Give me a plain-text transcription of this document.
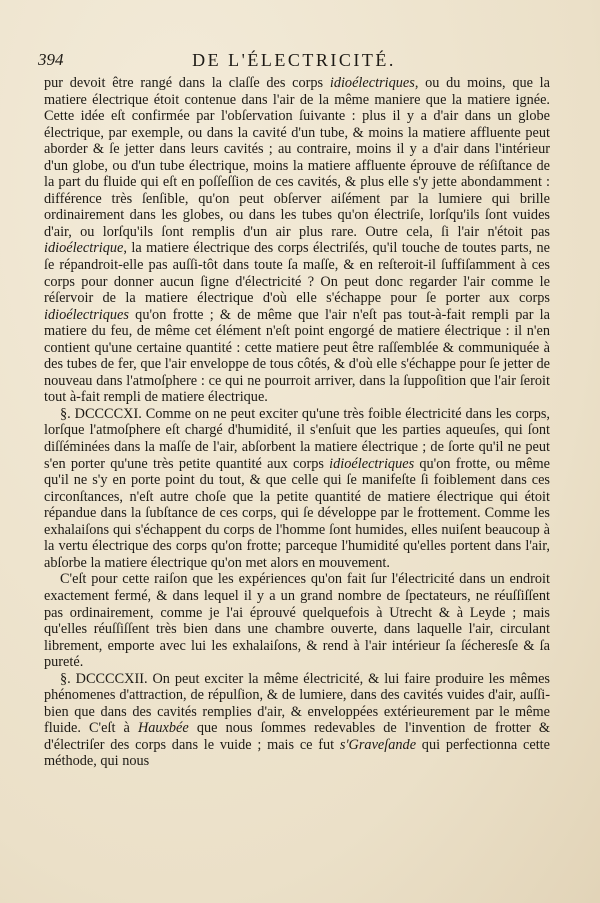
394	DE L'ÉLECTRICITÉ.

pur devoit être rangé dans la claſſe des corps idioélectriques, ou du moins, que la matiere électrique étoit contenue dans l'air de la même maniere que la matiere ignée. Cette idée eſt confirmée par l'obſervation ſuivante : plus il y a d'air dans un globe électrique, par exemple, ou dans la cavité d'un tube, & moins la matiere affluente peut aborder & ſe jetter dans leurs cavités ; au contraire, moins il y a d'air dans l'intérieur d'un globe, ou d'un tube électrique, moins la matiere affluente éprouve de réſiſtance de la part du fluide qui eſt en poſſeſſion de ces cavités, & plus elle s'y jette abondamment : différence très ſenſible, qu'on peut obſerver aiſément par la lumiere qui brille ordinairement dans les globes, ou dans les tubes qu'on électriſe, lorſqu'ils ſont vuides d'air, ou lorſqu'ils ſont remplis d'un air plus rare. Outre cela, ſi l'air n'étoit pas idioélectrique, la matiere électrique des corps électriſés, qu'il touche de toutes parts, ne ſe répandroit-elle pas auſſi-tôt dans toute ſa maſſe, & en reſteroit-il ſuffiſamment à ces corps pour donner aucun ſigne d'électricité ? On peut donc regarder l'air comme le réſervoir de la matiere électrique d'où elle s'échappe pour ſe porter aux corps idioélectriques qu'on frotte ; & de même que l'air n'eſt pas tout-à-fait rempli par la matiere du feu, de même cet élément n'eſt point engorgé de matiere électrique : il n'en contient qu'une certaine quantité : cette matiere peut être raſſemblée & communiquée à des tubes de fer, que l'air enveloppe de tous côtés, & d'où elle s'échappe pour ſe jetter de nouveau dans l'atmoſphere : ce qui ne pourroit arriver, dans la ſuppoſition que l'air ſeroit tout à-fait rempli de matiere électrique.

§. DCCCCXI. Comme on ne peut exciter qu'une très foible électricité dans les corps, lorſque l'atmoſphere eſt chargé d'humidité, il s'enſuit que les parties aqueuſes, qui ſont diſſéminées dans la maſſe de l'air, abſorbent la matiere électrique ; de ſorte qu'il ne peut s'en porter qu'une très petite quantité aux corps idioélectriques qu'on frotte, ou même qu'il ne s'y en porte point du tout, & que celle qui ſe manifeſte ſi foiblement dans ces circonſtances, n'eſt autre choſe que la petite quantité de matiere électrique qui étoit répandue dans la ſubſtance de ces corps, qui ſe développe par le frottement. Comme les exhalaiſons qui s'échappent du corps de l'homme ſont humides, elles nuiſent beaucoup à la vertu électrique des corps qu'on frotte; parceque l'humidité qu'elles portent dans l'air, abſorbe la matiere électrique qu'on met alors en mouvement.

C'eſt pour cette raiſon que les expériences qu'on fait ſur l'électricité dans un endroit exactement fermé, & dans lequel il y a un grand nombre de ſpectateurs, ne réuſſiſſent pas ordinairement, comme je l'ai éprouvé quelquefois à Utrecht & à Leyde ; mais qu'elles réuſſiſſent très bien dans une chambre ouverte, dans laquelle l'air, circulant librement, emporte avec lui les exhalaiſons, & rend à l'air intérieur ſa ſécheresſe & ſa pureté.

§. DCCCCXII. On peut exciter la même électricité, & lui faire produire les mêmes phénomenes d'attraction, de répulſion, & de lumiere, dans des cavités vuides d'air, auſſi-bien que dans des cavités remplies d'air, & enveloppées extérieurement par le même fluide. C'eſt à Hauxbée que nous ſommes redevables de l'invention de frotter & d'électriſer des corps dans le vuide ; mais ce fut s'Graveſande qui perfectionna cette méthode, qui nous
